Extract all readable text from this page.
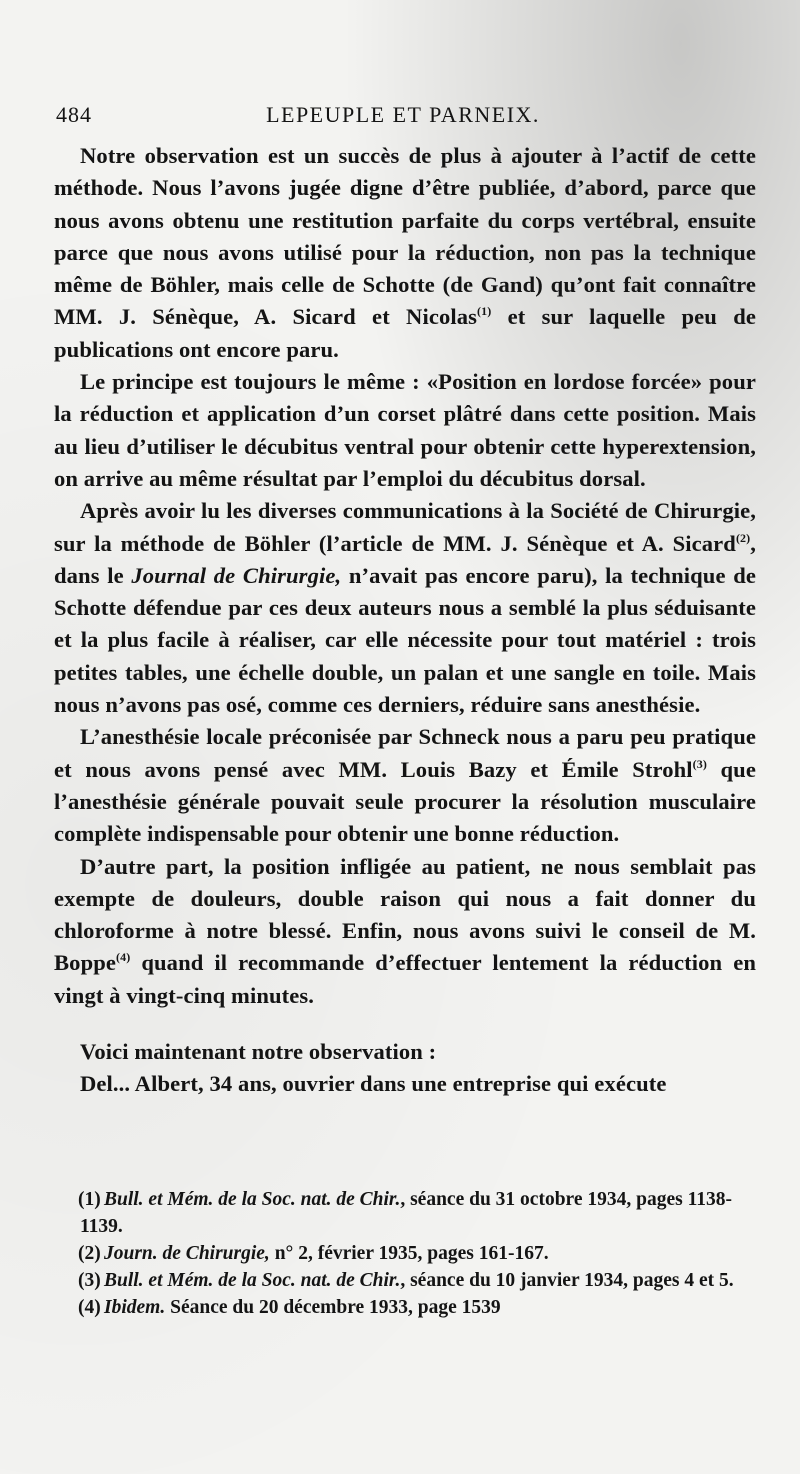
484	LEPEUPLE ET PARNEIX.

Notre observation est un succès de plus à ajouter à l’actif de cette méthode. Nous l’avons jugée digne d’être publiée, d’abord, parce que nous avons obtenu une restitution parfaite du corps vertébral, ensuite parce que nous avons utilisé pour la réduction, non pas la technique même de Böhler, mais celle de Schotte (de Gand) qu’ont fait connaître MM. J. Sénèque, A. Sicard et Nicolas$^{(1)}$ et sur laquelle peu de publications ont encore paru.

Le principe est toujours le même : «Position en lordose forcée» pour la réduction et application d’un corset plâtré dans cette position. Mais au lieu d’utiliser le décubitus ventral pour obtenir cette hyperextension, on arrive au même résultat par l’emploi du décubitus dorsal.

Après avoir lu les diverses communications à la Société de Chirurgie, sur la méthode de Böhler (l’article de MM. J. Sénèque et A. Sicard$^{(2)}$, dans le Journal de Chirurgie, n’avait pas encore paru), la technique de Schotte défendue par ces deux auteurs nous a semblé la plus séduisante et la plus facile à réaliser, car elle nécessite pour tout matériel : trois petites tables, une échelle double, un palan et une sangle en toile. Mais nous n’avons pas osé, comme ces derniers, réduire sans anesthésie.

L’anesthésie locale préconisée par Schneck nous a paru peu pratique et nous avons pensé avec MM. Louis Bazy et Émile Strohl$^{(3)}$ que l’anesthésie générale pouvait seule procurer la résolution musculaire complète indispensable pour obtenir une bonne réduction.

D’autre part, la position infligée au patient, ne nous semblait pas exempte de douleurs, double raison qui nous a fait donner du chloroforme à notre blessé. Enfin, nous avons suivi le conseil de M. Boppe$^{(4)}$ quand il recommande d’effectuer lentement la réduction en vingt à vingt-cinq minutes.

Voici maintenant notre observation :

Del... Albert, 34 ans, ouvrier dans une entreprise qui exécute

(1) Bull. et Mém. de la Soc. nat. de Chir., séance du 31 octobre 1934, pages 1138-1139.

(2) Journ. de Chirurgie, n° 2, février 1935, pages 161-167.

(3) Bull. et Mém. de la Soc. nat. de Chir., séance du 10 janvier 1934, pages 4 et 5.

(4) Ibidem. Séance du 20 décembre 1933, page 1539
